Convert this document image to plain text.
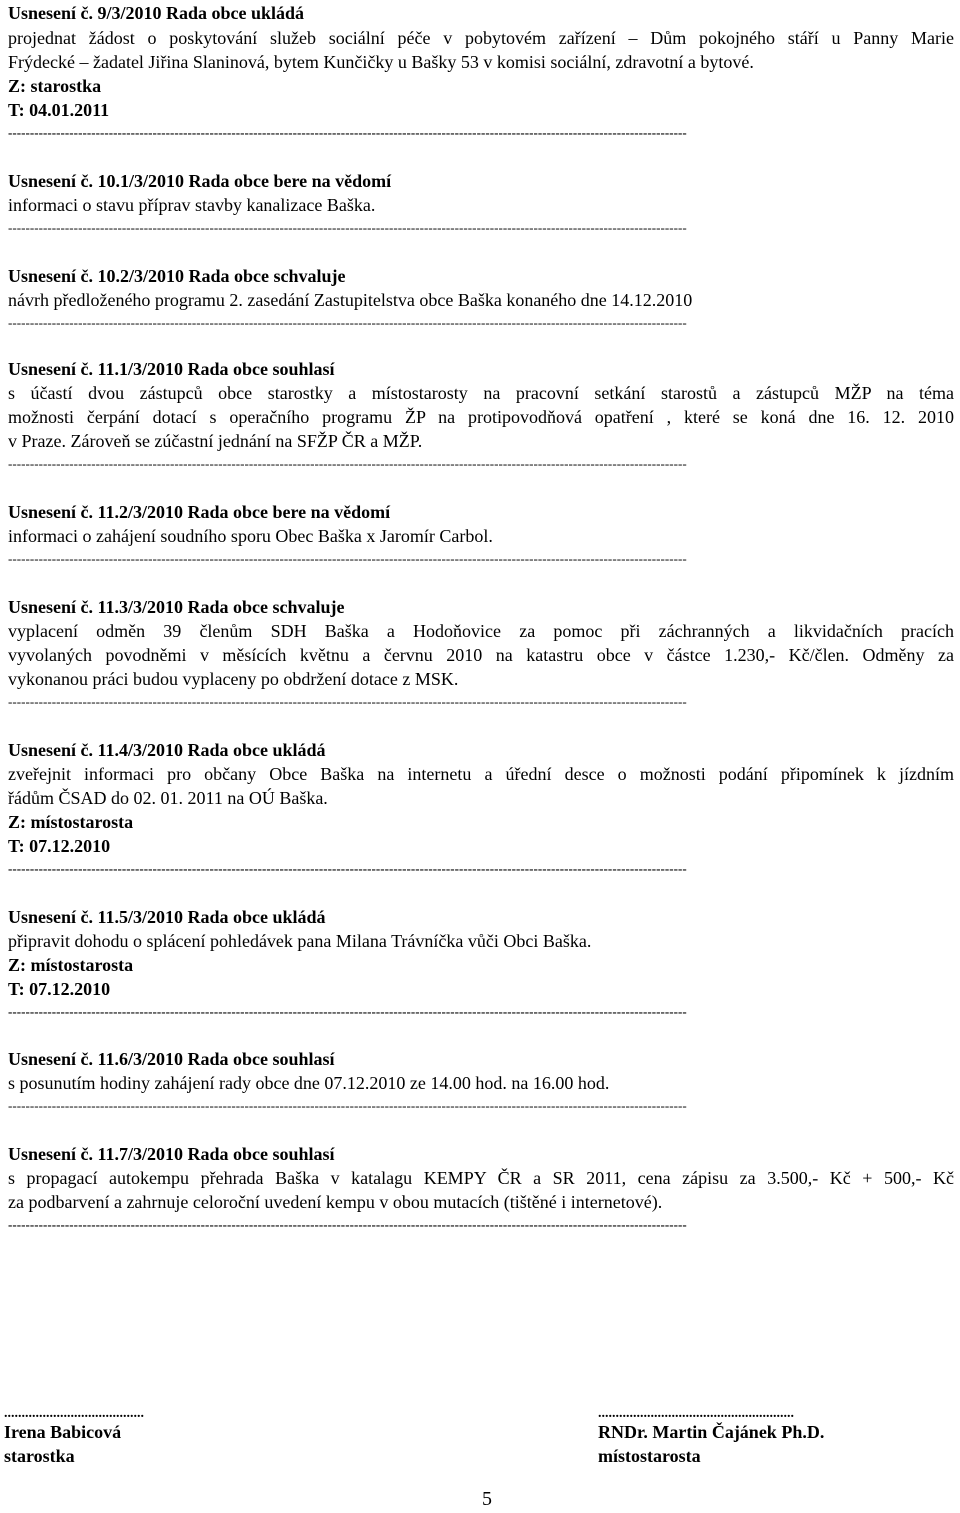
Usnesení č. 9/3/2010 Rada obce ukládá
projednat žádost o poskytování služeb sociální péče v pobytovém zařízení – Dům pokojného stáří u Panny Marie
Frýdecké – žadatel Jiřina Slaninová, bytem Kunčičky u Bašky 53 v komisi sociální, zdravotní a bytové.
Z: starostka
T: 04.01.2011
-----------------------------------------------------------------------------------------------------------------------------------------------------------
Usnesení č. 10.1/3/2010 Rada obce bere na vědomí
informaci o stavu příprav stavby kanalizace Baška.
-----------------------------------------------------------------------------------------------------------------------------------------------------------
Usnesení č. 10.2/3/2010 Rada obce schvaluje
návrh předloženého programu 2. zasedání Zastupitelstva obce Baška konaného dne 14.12.2010
-----------------------------------------------------------------------------------------------------------------------------------------------------------
Usnesení č. 11.1/3/2010 Rada obce souhlasí
s účastí dvou zástupců obce starostky a místostarosty na pracovní setkání starostů a zástupců MŽP na téma
možnosti čerpání dotací s operačního programu ŽP na protipovodňová opatření , které se koná dne 16. 12. 2010
v Praze. Zároveň se zúčastní jednání na SFŽP ČR a MŽP.
-----------------------------------------------------------------------------------------------------------------------------------------------------------
Usnesení č. 11.2/3/2010 Rada obce bere na vědomí
informaci o zahájení soudního sporu Obec Baška x Jaromír Carbol.
-----------------------------------------------------------------------------------------------------------------------------------------------------------
Usnesení č. 11.3/3/2010 Rada obce schvaluje
vyplacení odměn 39 členům SDH Baška a Hodoňovice za pomoc při záchranných a likvidačních pracích
vyvolaných povodněmi v měsících květnu a červnu 2010 na katastru obce v částce 1.230,- Kč/člen. Odměny za
vykonanou práci budou vyplaceny po obdržení dotace z MSK.
-----------------------------------------------------------------------------------------------------------------------------------------------------------
Usnesení č. 11.4/3/2010 Rada obce ukládá
zveřejnit informaci pro občany Obce Baška na internetu a úřední desce o možnosti podání připomínek k jízdním
řádům ČSAD do 02. 01. 2011 na OÚ Baška.
Z: místostarosta
T: 07.12.2010
-----------------------------------------------------------------------------------------------------------------------------------------------------------
Usnesení č. 11.5/3/2010 Rada obce ukládá
připravit dohodu o splácení pohledávek pana Milana Trávníčka vůči Obci Baška.
Z: místostarosta
T: 07.12.2010
-----------------------------------------------------------------------------------------------------------------------------------------------------------
Usnesení č. 11.6/3/2010 Rada obce souhlasí
s posunutím hodiny zahájení rady obce dne 07.12.2010 ze 14.00 hod. na 16.00 hod.
-----------------------------------------------------------------------------------------------------------------------------------------------------------
Usnesení č. 11.7/3/2010 Rada obce souhlasí
s propagací autokempu přehrada Baška v katalagu KEMPY ČR a SR 2011, cena zápisu za 3.500,- Kč + 500,- Kč
za podbarvení a zahrnuje celoroční uvedení kempu v obou mutacích (tištěné i internetové).
-----------------------------------------------------------------------------------------------------------------------------------------------------------
........................................
Irena Babicová
starostka
........................................................
RNDr. Martin Čajánek Ph.D.
místostarosta
5
